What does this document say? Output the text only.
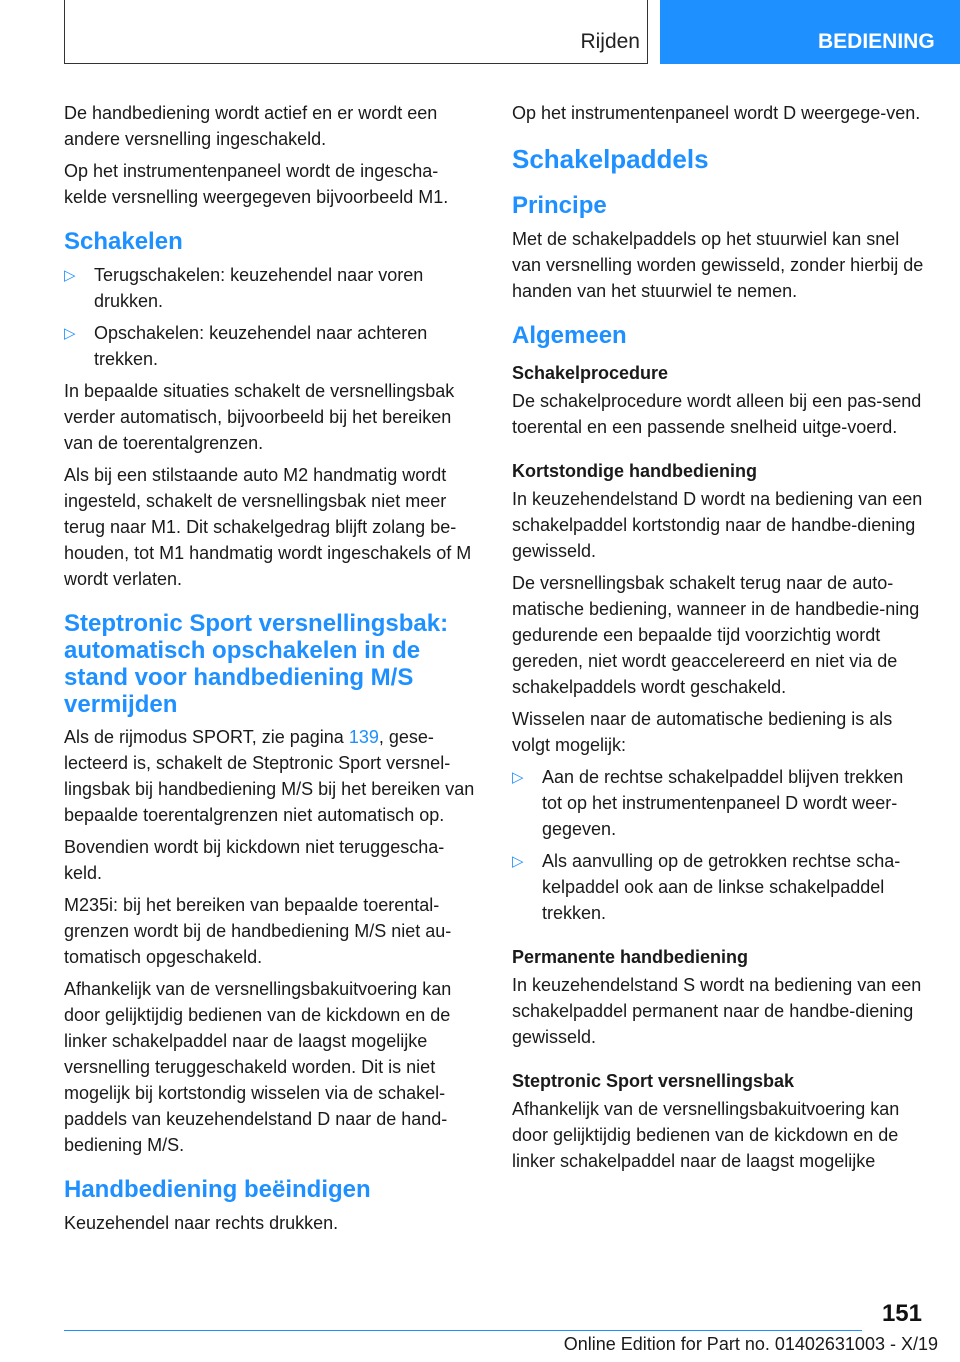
Rijden	BEDIENING

De handbediening wordt actief en er wordt een andere versnelling ingeschakeld.

Op het instrumentenpaneel wordt de ingescha-kelde versnelling weergegeven bijvoorbeeld M1.

Schakelen
▷ Terugschakelen: keuzehendel naar voren drukken.
▷ Opschakelen: keuzehendel naar achteren trekken.

In bepaalde situaties schakelt de versnellingsbak verder automatisch, bijvoorbeeld bij het bereiken van de toerentalgrenzen.

Als bij een stilstaande auto M2 handmatig wordt ingesteld, schakelt de versnellingsbak niet meer terug naar M1. Dit schakelgedrag blijft zolang be-houden, tot M1 handmatig wordt ingeschakels of M wordt verlaten.

Steptronic Sport versnellingsbak: automatisch opschakelen in de stand voor handbediening M/S vermijden

Als de rijmodus SPORT, zie pagina 139, gese-lecteerd is, schakelt de Steptronic Sport versnel-lingsbak bij handbediening M/S bij het bereiken van bepaalde toerentalgrenzen niet automatisch op.

Bovendien wordt bij kickdown niet teruggescha-keld.

M235i: bij het bereiken van bepaalde toerental-grenzen wordt bij de handbediening M/S niet au-tomatisch opgeschakeld.

Afhankelijk van de versnellingsbakuitvoering kan door gelijktijdig bedienen van de kickdown en de linker schakelpaddel naar de laagst mogelijke versnelling teruggeschakeld worden. Dit is niet mogelijk bij kortstondig wisselen via de schakel-paddels van keuzehendelstand D naar de hand-bediening M/S.

Handbediening beëindigen

Keuzehendel naar rechts drukken.

Op het instrumentenpaneel wordt D weergege-ven.

Schakelpaddels
Principe

Met de schakelpaddels op het stuurwiel kan snel van versnelling worden gewisseld, zonder hierbij de handen van het stuurwiel te nemen.

Algemeen
Schakelprocedure

De schakelprocedure wordt alleen bij een pas-send toerental en een passende snelheid uitge-voerd.

Kortstondige handbediening

In keuzehendelstand D wordt na bediening van een schakelpaddel kortstondig naar de handbe-diening gewisseld.

De versnellingsbak schakelt terug naar de auto-matische bediening, wanneer in de handbedie-ning gedurende een bepaalde tijd voorzichtig wordt gereden, niet wordt geaccelereerd en niet via de schakelpaddels wordt geschakeld.

Wisselen naar de automatische bediening is als volgt mogelijk:

▷ Aan de rechtse schakelpaddel blijven trekken tot op het instrumentenpaneel D wordt weer-gegeven.
▷ Als aanvulling op de getrokken rechtse scha-kelpaddel ook aan de linkse schakelpaddel trekken.
Permanente handbediening

In keuzehendelstand S wordt na bediening van een schakelpaddel permanent naar de handbe-diening gewisseld.

Steptronic Sport versnellingsbak

Afhankelijk van de versnellingsbakuitvoering kan door gelijktijdig bedienen van de kickdown en de linker schakelpaddel naar de laagst mogelijke

151
Online Edition for Part no. 01402631003 - X/19
